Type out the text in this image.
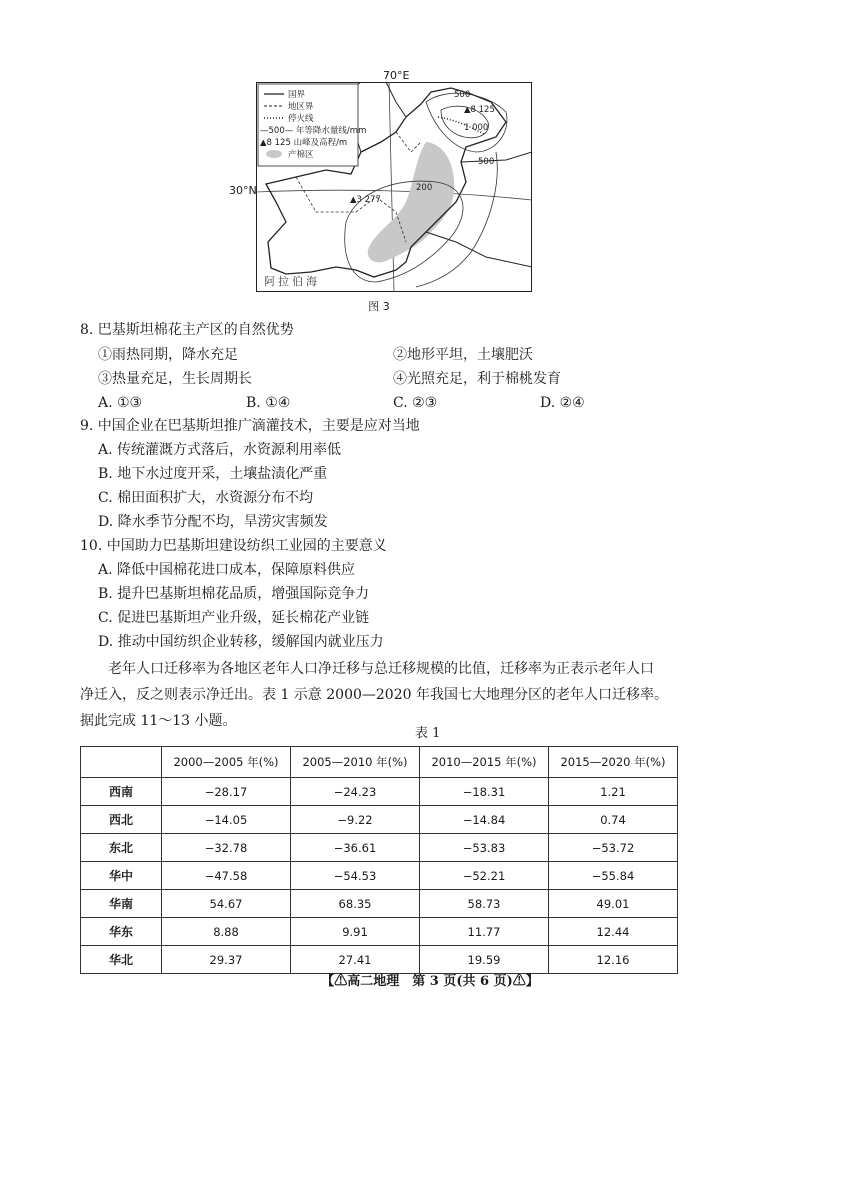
70°E
30°N
▲8 125
500
1 000
500
200
▲3 277
阿拉伯海
国界
地区界
停火线
—500— 年等降水量线/mm
▲8 125 山峰及高程/m
产棉区
图 3
8. 巴基斯坦棉花主产区的自然优势
①雨热同期，降水充足	②地形平坦，土壤肥沃
③热量充足，生长周期长	④光照充足，利于棉桃发育
A. ①③	B. ①④	C. ②③	D. ②④
9. 中国企业在巴基斯坦推广滴灌技术，主要是应对当地
A. 传统灌溉方式落后，水资源利用率低
B. 地下水过度开采，土壤盐渍化严重
C. 棉田面积扩大，水资源分布不均
D. 降水季节分配不均，旱涝灾害频发
10. 中国助力巴基斯坦建设纺织工业园的主要意义
A. 降低中国棉花进口成本，保障原料供应
B. 提升巴基斯坦棉花品质，增强国际竞争力
C. 促进巴基斯坦产业升级，延长棉花产业链
D. 推动中国纺织企业转移，缓解国内就业压力
老年人口迁移率为各地区老年人口净迁移与总迁移规模的比值，迁移率为正表示老年人口
净迁入，反之则表示净迁出。表 1 示意 2000—2020 年我国七大地理分区的老年人口迁移率。
据此完成 11～13 小题。
表 1
	2000—2005 年(%)	2005—2010 年(%)	2010—2015 年(%)	2015—2020 年(%)
西南	−28.17	−24.23	−18.31	1.21
西北	−14.05	−9.22	−14.84	0.74
东北	−32.78	−36.61	−53.83	−53.72
华中	−47.58	−54.53	−52.21	−55.84
华南	54.67	68.35	58.73	49.01
华东	8.88	9.91	11.77	12.44
华北	29.37	27.41	19.59	12.16
【⚠高二地理　第 3 页(共 6 页)⚠】
